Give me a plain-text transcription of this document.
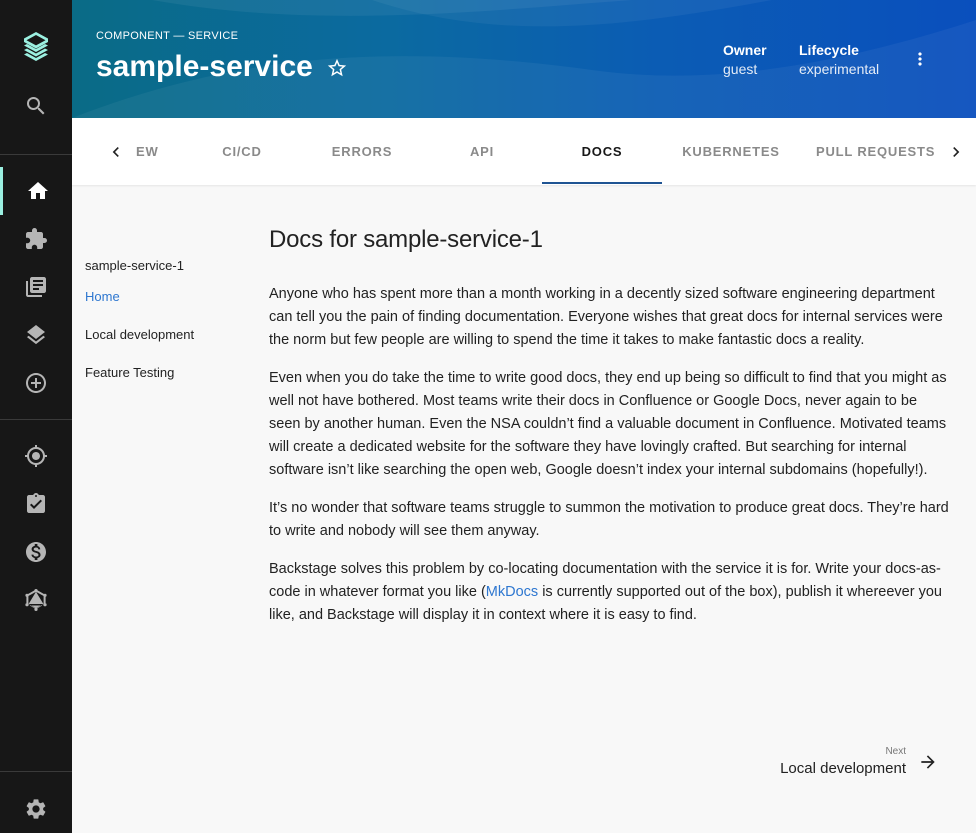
COMPONENT — SERVICE
sample-service	Owner
guest
Lifecycle
experimental
EW	CI/CD	ERRORS	API	DOCS	KUBERNETES	PULL REQUESTS
sample-service-1
Home
Local development
Feature Testing
Docs for sample-service-1

Anyone who has spent more than a month working in a decently sized software engineering department can tell you the pain of finding documentation. Everyone wishes that great docs for internal services were the norm but few people are willing to spend the time it takes to make fantastic docs a reality.

Even when you do take the time to write good docs, they end up being so difficult to find that you might as well not have bothered. Most teams write their docs in Confluence or Google Docs, never again to be seen by another human. Even the NSA couldn’t find a valuable document in Confluence. Motivated teams will create a dedicated website for the software they have lovingly crafted. But searching for internal software isn’t like searching the open web, Google doesn’t index your internal subdomains (hopefully!).

It’s no wonder that software teams struggle to summon the motivation to produce great docs. They’re hard to write and nobody will see them anyway.

Backstage solves this problem by co-locating documentation with the service it is for. Write your docs-as-code in whatever format you like (MkDocs is currently supported out of the box), publish it whereever you like, and Backstage will display it in context where it is easy to find.

Next
Local development
